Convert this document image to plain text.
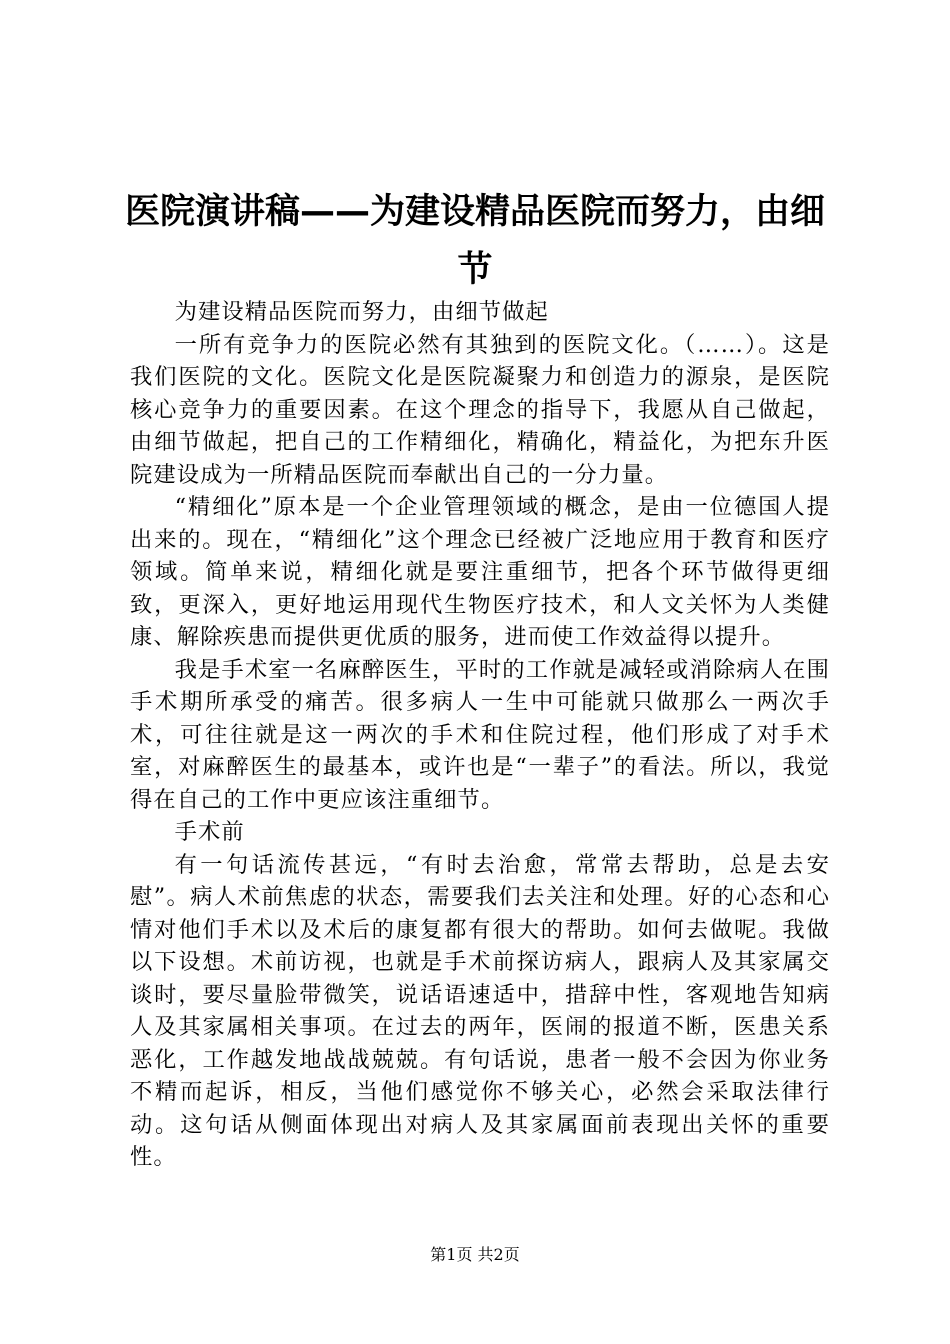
医院演讲稿——为建设精品医院而努力，由细节

为建设精品医院而努力，由细节做起

一所有竞争力的医院必然有其独到的医院文化。（……）。这是我们医院的文化。医院文化是医院凝聚力和创造力的源泉，是医院核心竞争力的重要因素。在这个理念的指导下，我愿从自己做起，由细节做起，把自己的工作精细化，精确化，精益化，为把东升医院建设成为一所精品医院而奉献出自己的一分力量。

“精细化”原本是一个企业管理领域的概念，是由一位德国人提出来的。现在，“精细化”这个理念已经被广泛地应用于教育和医疗领域。简单来说，精细化就是要注重细节，把各个环节做得更细致，更深入，更好地运用现代生物医疗技术，和人文关怀为人类健康、解除疾患而提供更优质的服务，进而使工作效益得以提升。

我是手术室一名麻醉医生，平时的工作就是减轻或消除病人在围手术期所承受的痛苦。很多病人一生中可能就只做那么一两次手术，可往往就是这一两次的手术和住院过程，他们形成了对手术室，对麻醉医生的最基本，或许也是“一辈子”的看法。所以，我觉得在自己的工作中更应该注重细节。

手术前

有一句话流传甚远，“有时去治愈，常常去帮助，总是去安慰”。病人术前焦虑的状态，需要我们去关注和处理。好的心态和心情对他们手术以及术后的康复都有很大的帮助。如何去做呢。我做以下设想。术前访视，也就是手术前探访病人，跟病人及其家属交谈时，要尽量脸带微笑，说话语速适中，措辞中性，客观地告知病人及其家属相关事项。在过去的两年，医闹的报道不断，医患关系恶化，工作越发地战战兢兢。有句话说，患者一般不会因为你业务不精而起诉，相反，当他们感觉你不够关心，必然会采取法律行动。这句话从侧面体现出对病人及其家属面前表现出关怀的重要性。

第1页 共2页
